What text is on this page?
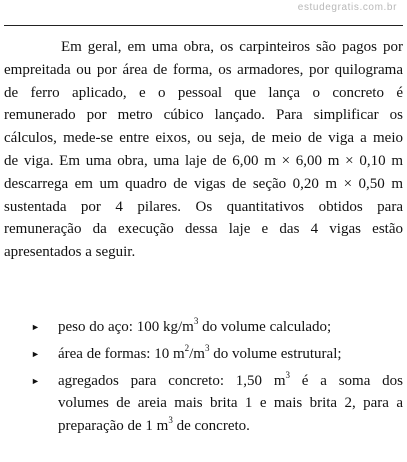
estudegratis.com.br
Em geral, em uma obra, os carpinteiros são pagos por
empreitada ou por área de forma, os armadores, por quilograma
de ferro aplicado, e o pessoal que lança o concreto é
remunerado por metro cúbico lançado. Para simplificar os
cálculos, mede-se entre eixos, ou seja, de meio de viga a meio
de viga. Em uma obra, uma laje de 6,00 m × 6,00 m × 0,10 m
descarrega em um quadro de vigas de seção 0,20 m × 0,50 m
sustentada por 4 pilares. Os quantitativos obtidos para
remuneração da execução dessa laje e das 4 vigas estão
apresentados a seguir.
► peso do aço: 100 $kg/m^3$ do volume calculado;
► área de formas: 10 $m^2/m^3$ do volume estrutural;
► agregados para concreto: 1,50 $m^3$ é a soma dos
volumes de areia mais brita 1 e mais brita 2, para a
preparação de 1 $m^3$ de concreto.
